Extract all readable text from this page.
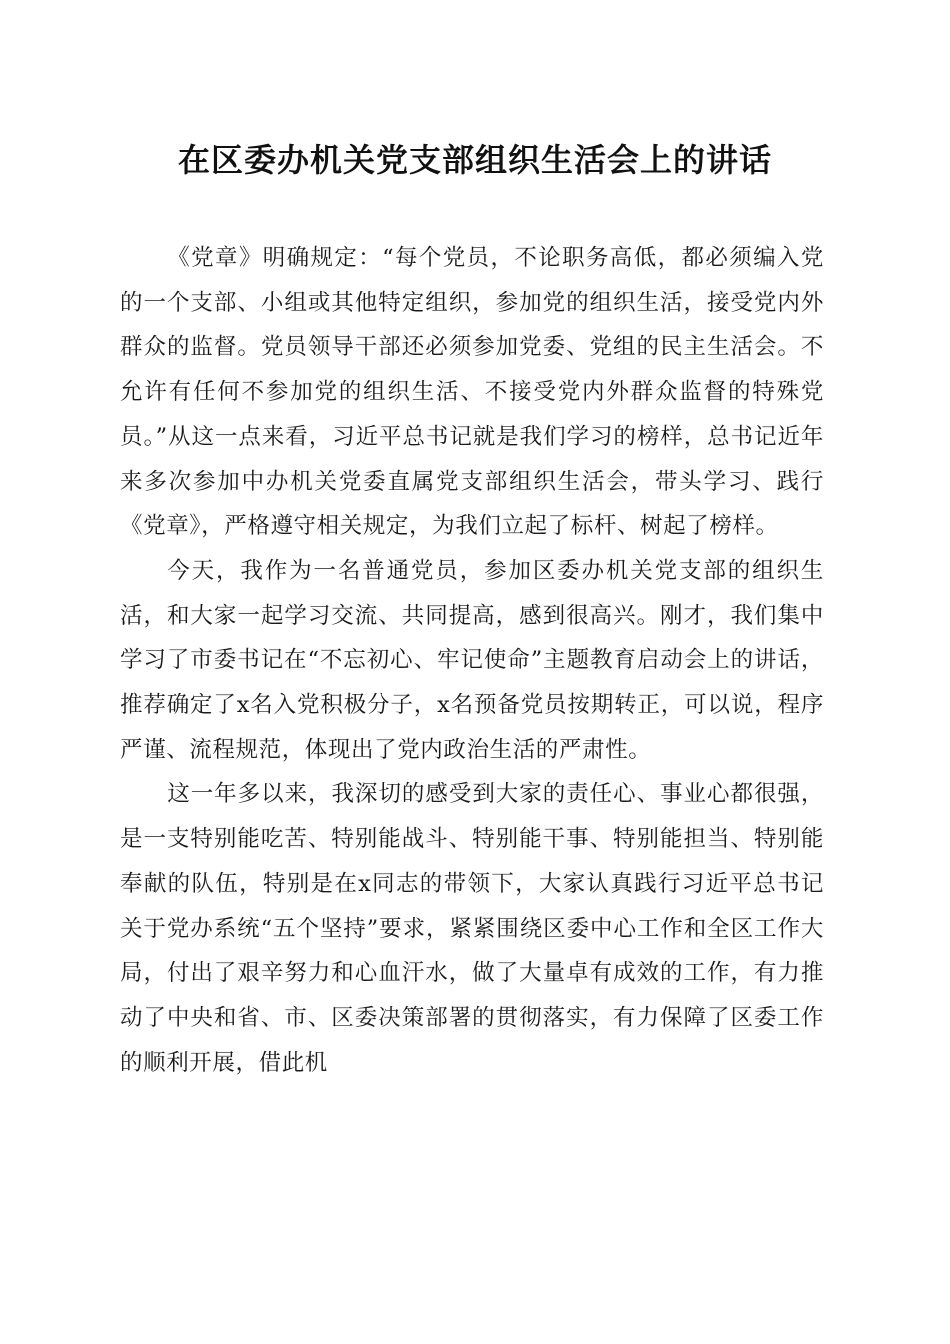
在区委办机关党支部组织生活会上的讲话

《党章》明确规定：“每个党员，不论职务高低，都必须编入党的一个支部、小组或其他特定组织，参加党的组织生活，接受党内外群众的监督。党员领导干部还必须参加党委、党组的民主生活会。不允许有任何不参加党的组织生活、不接受党内外群众监督的特殊党员。”从这一点来看，习近平总书记就是我们学习的榜样，总书记近年来多次参加中办机关党委直属党支部组织生活会，带头学习、践行《党章》，严格遵守相关规定，为我们立起了标杆、树起了榜样。

今天，我作为一名普通党员，参加区委办机关党支部的组织生活，和大家一起学习交流、共同提高，感到很高兴。刚才，我们集中学习了市委书记在“不忘初心、牢记使命”主题教育启动会上的讲话，推荐确定了x名入党积极分子，x名预备党员按期转正，可以说，程序严谨、流程规范，体现出了党内政治生活的严肃性。

这一年多以来，我深切的感受到大家的责任心、事业心都很强，是一支特别能吃苦、特别能战斗、特别能干事、特别能担当、特别能奉献的队伍，特别是在x同志的带领下，大家认真践行习近平总书记关于党办系统“五个坚持”要求，紧紧围绕区委中心工作和全区工作大局，付出了艰辛努力和心血汗水，做了大量卓有成效的工作，有力推动了中央和省、市、区委决策部署的贯彻落实，有力保障了区委工作的顺利开展，借此机
